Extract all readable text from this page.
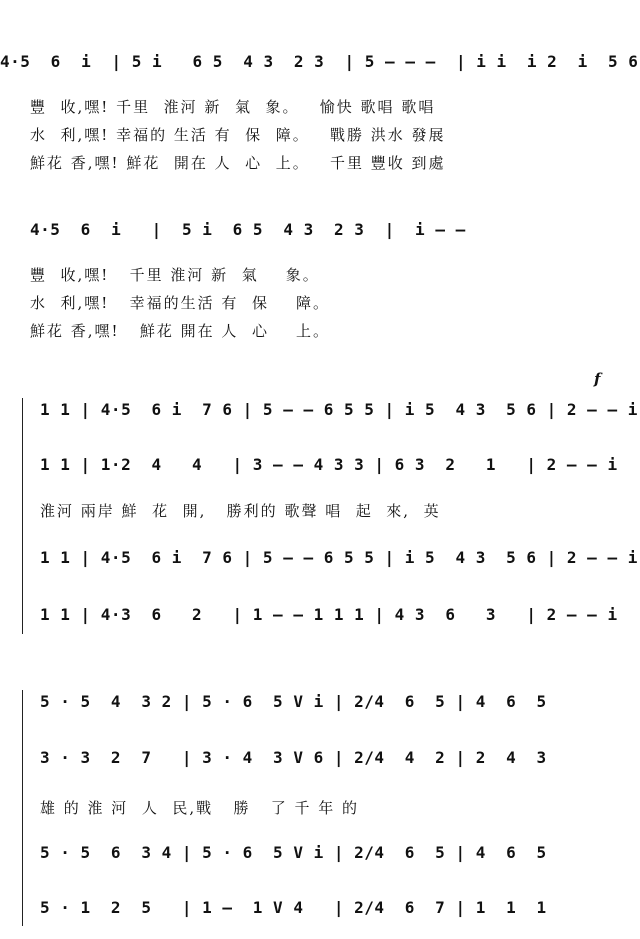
4·5  6  i  | 5 i   6 5  4 3  2 3  | 5 — — —  | i i  i 2  i  5 6
豐  收,嘿! 千里  淮河 新  氣  象。   愉快 歌唱 歌唱
水  利,嘿! 幸福的 生活 有  保  障。   戰勝 洪水 發展
鮮花 香,嘿! 鮮花  開在 人  心  上。   千里 豐收 到處
4·5  6  i   |  5 i  6 5  4 3  2 3  |  i — —
豐  收,嘿!   千里 淮河 新  氣    象。
水  利,嘿!   幸福的生活 有  保    障。
鮮花 香,嘿!   鮮花 開在 人  心    上。
f
1 1 | 4·5  6 i  7 6 | 5 — — 6 5 5 | i 5  4 3  5 6 | 2 — — i
1 1 | 1·2  4   4   | 3 — — 4 3 3 | 6 3  2   1   | 2 — — i
淮河 兩岸 鮮  花  開,   勝利的 歌聲 唱  起  來,  英
1 1 | 4·5  6 i  7 6 | 5 — — 6 5 5 | i 5  4 3  5 6 | 2 — — i
1 1 | 4·3  6   2   | 1 — — 1 1 1 | 4 3  6   3   | 2 — — i
5 · 5  4  3 2 | 5 · 6  5 V i | 2/4  6  5 | 4  6  5
3 · 3  2  7   | 3 · 4  3 V 6 | 2/4  4  2 | 2  4  3
雄 的 淮 河  人  民,戰   勝   了 千 年 的
5 · 5  6  3 4 | 5 · 6  5 V i | 2/4  6  5 | 4  6  5
5 · 1  2  5   | 1 —  1 V 4   | 2/4  6  7 | 1  1  1
